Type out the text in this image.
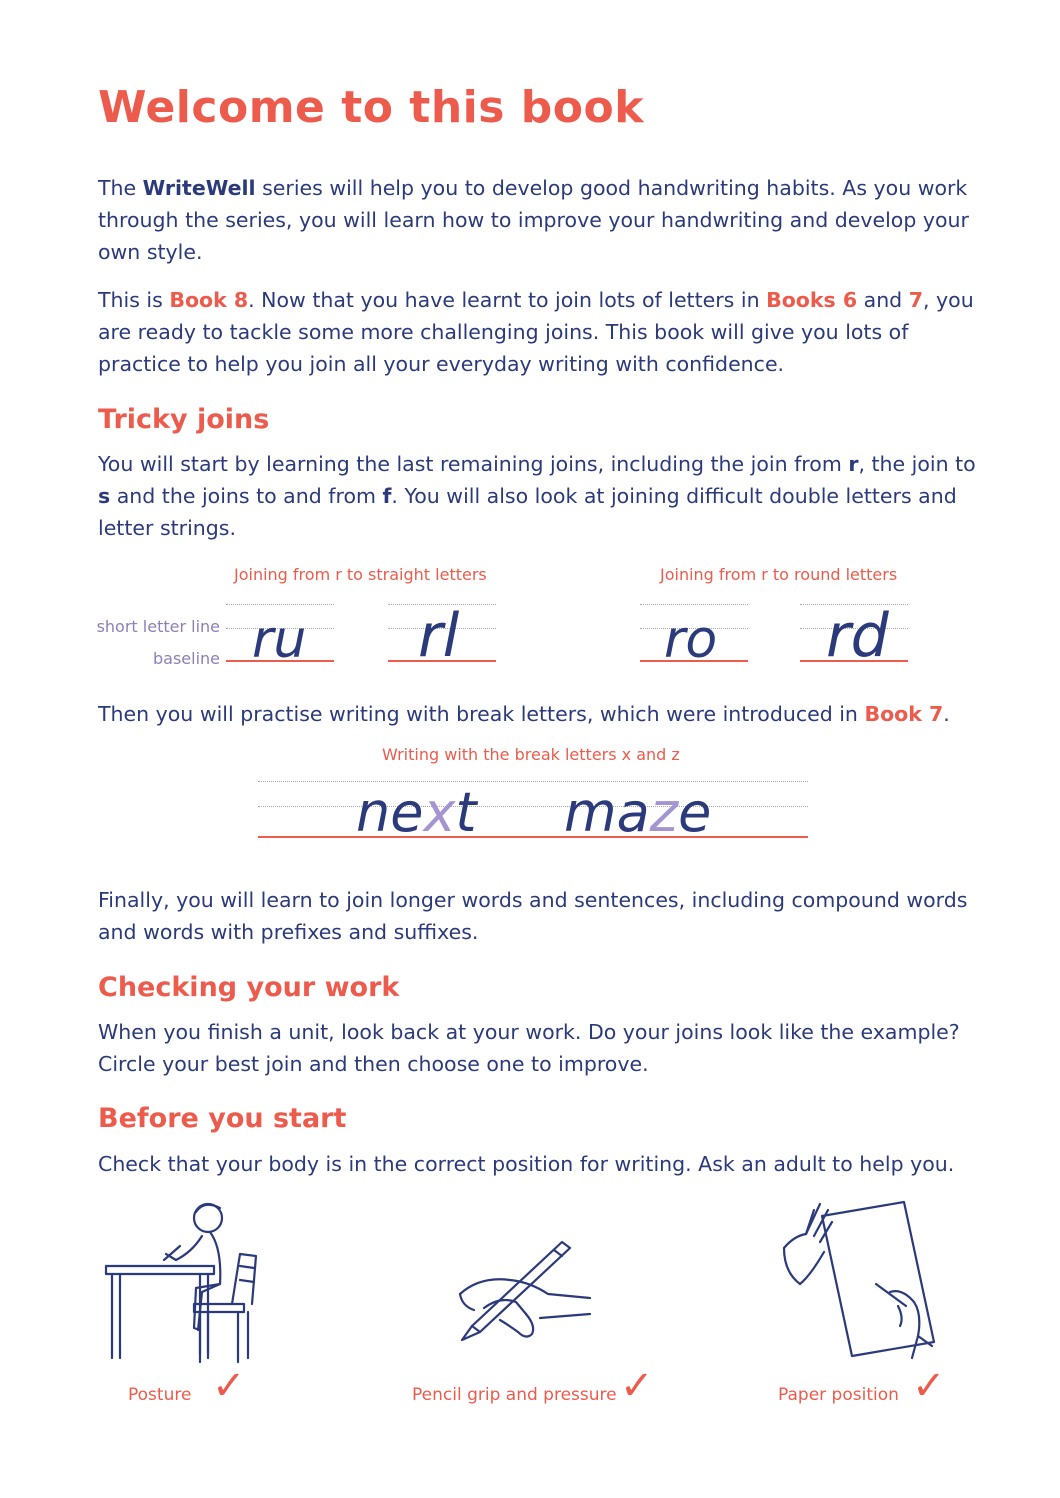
Welcome to this book
The WriteWell series will help you to develop good handwriting habits. As you work through the series, you will learn how to improve your handwriting and develop your own style.
This is Book 8. Now that you have learnt to join lots of letters in Books 6 and 7, you are ready to tackle some more challenging joins. This book will give you lots of practice to help you join all your everyday writing with confidence.
Tricky joins
You will start by learning the last remaining joins, including the join from r, the join to s and the joins to and from f. You will also look at joining difficult double letters and letter strings.
Joining from r to straight letters	Joining from r to round letters
short letter line
baseline ru rl	ro rd
Then you will practise writing with break letters, which were introduced in Book 7.
Writing with the break letters x and z
next maze
Finally, you will learn to join longer words and sentences, including compound words and words with prefixes and suffixes.
Checking your work
When you finish a unit, look back at your work. Do your joins look like the example? Circle your best join and then choose one to improve.
Before you start
Check that your body is in the correct position for writing. Ask an adult to help you.
Posture ✓	Pencil grip and pressure ✓	Paper position ✓
